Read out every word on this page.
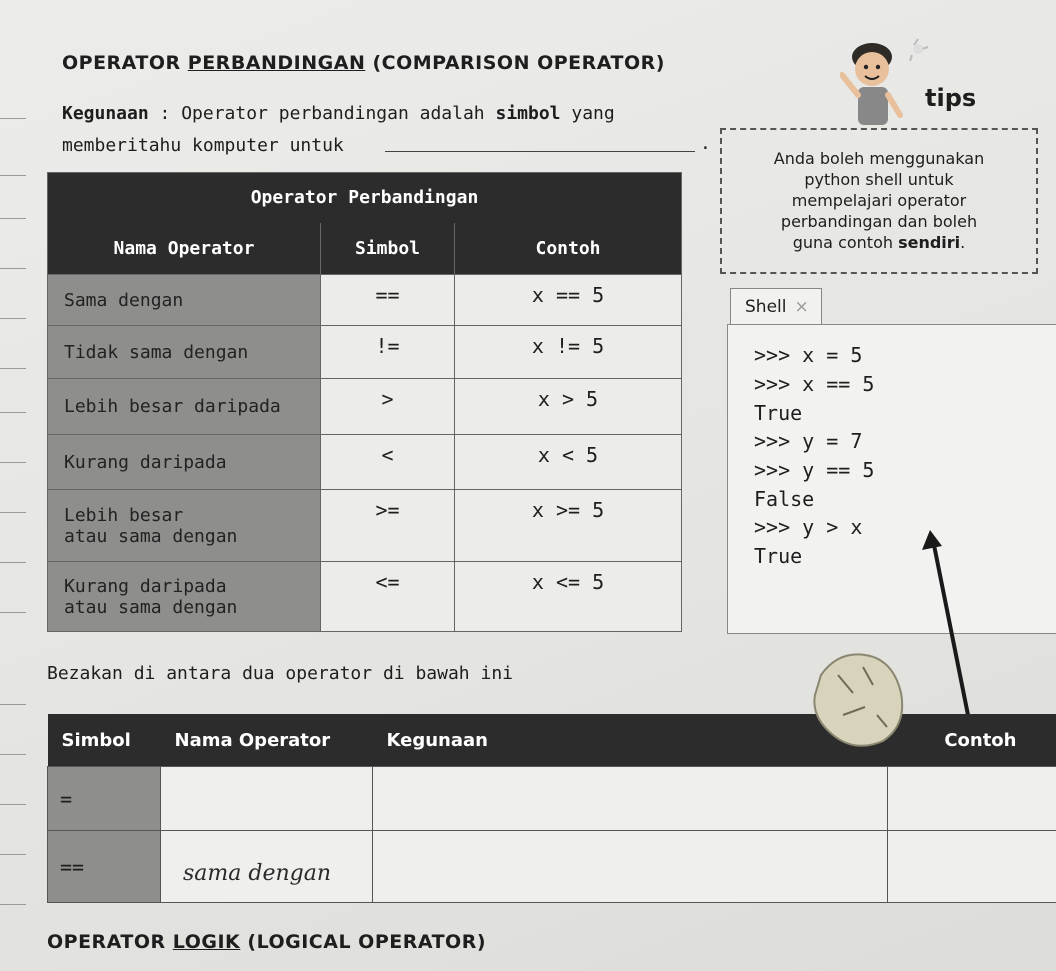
OPERATOR PERBANDINGAN (COMPARISON OPERATOR)
Kegunaan : Operator perbandingan adalah simbol yang
memberitahu komputer untuk	.
tips
Anda boleh menggunakan
python shell untuk
mempelajari operator
perbandingan dan boleh
guna contoh sendiri.
Operator Perbandingan		
Nama Operator	Simbol	Contoh
Sama dengan	==	x == 5
Tidak sama dengan	!=	x != 5
Lebih besar daripada	>	x > 5
Kurang daripada	<	x < 5
Lebih besar
atau sama dengan	>=	x >= 5
Kurang daripada
atau sama dengan	<=	x <= 5
Shell ×
>>> x = 5
>>> x == 5
True
>>> y = 7
>>> y == 5
False
>>> y > x
True
Bezakan di antara dua operator di bawah ini
Simbol	Nama Operator	Kegunaan	Contoh
=			
==	sama dengan		
OPERATOR LOGIK (LOGICAL OPERATOR)
